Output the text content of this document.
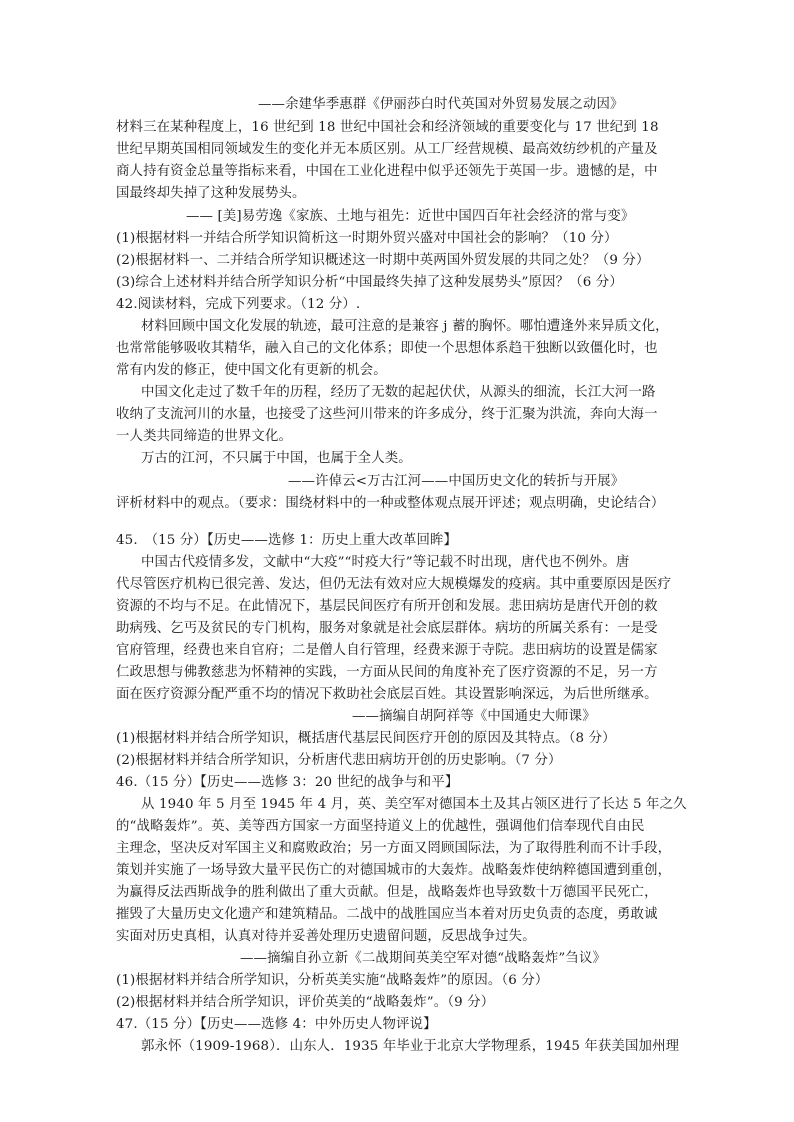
——余建华季惠群《伊丽莎白时代英国对外贸易发展之动因》
材料三在某种程度上，16 世纪到 18 世纪中国社会和经济领域的重要变化与 17 世纪到 18
世纪早期英国相同领域发生的变化并无本质区别。从工厂经营规模、最高效纺纱机的产量及
商人持有资金总量等指标来看，中国在工业化进程中似乎还领先于英国一步。遗憾的是，中
国最终却失掉了这种发展势头。
—— [美]易劳逸《家族、土地与祖先：近世中国四百年社会经济的常与变》
(1)根据材料一并结合所学知识简析这一时期外贸兴盛对中国社会的影响？（10 分）
(2)根据材料一、二并结合所学知识概述这一时期中英两国外贸发展的共同之处？（9 分）
(3)综合上述材料并结合所学知识分析“中国最终失掉了这种发展势头”原因？（6 分）
42.阅读材料，完成下列要求。（12 分）.
材料回顾中国文化发展的轨迹，最可注意的是兼容 j 蓄的胸怀。哪怕遭逢外来异质文化，
也常常能够吸收其精华，融入自己的文化体系；即使一个思想体系趋干独断以致僵化时，也
常有内发的修正，使中国文化有更新的机会。
中国文化走过了数千年的历程，经历了无数的起起伏伏，从源头的细流，长江大河一路
收纳了支流河川的水量，也接受了这些河川带来的许多成分，终于汇聚为洪流，奔向大海一
一人类共同缔造的世界文化。
万古的江河，不只属于中国，也属于全人类。
——许倬云<万古江河——中国历史文化的转折与开展》
评析材料中的观点。（要求：围绕材料中的一种或整体观点展开评述；观点明确，史论结合）
45.　（15 分）【历史——选修 1：历史上重大改革回眸】
中国古代疫情多发，文献中“大疫”“时疫大行”等记载不时出现，唐代也不例外。唐
代尽管医疗机构已很完善、发达，但仍无法有效对应大规模爆发的疫病。其中重要原因是医疗
资源的不均与不足。在此情况下，基层民间医疗有所开创和发展。悲田病坊是唐代开创的救
助病残、乞丐及贫民的专门机构，服务对象就是社会底层群体。病坊的所属关系有：一是受
官府管理，经费也来自官府；二是僧人自行管理，经费来源于寺院。悲田病坊的设置是儒家
仁政思想与佛教慈悲为怀精神的实践，一方面从民间的角度补充了医疗资源的不足，另一方
面在医疗资源分配严重不均的情况下救助社会底层百姓。其设置影响深远，为后世所继承。
——摘编自胡阿祥等《中国通史大师课》
(1)根据材料并结合所学知识，概括唐代基层民间医疗开创的原因及其特点。（8 分）
(2)根据材料并结合所学知识，分析唐代悲田病坊开创的历史影响。（7 分）
46.（15 分）【历史——选修 3：20 世纪的战争与和平】
从 1940 年 5 月至 1945 年 4 月，英、美空军对德国本土及其占领区进行了长达 5 年之久
的“战略轰炸”。英、美等西方国家一方面坚持道义上的优越性，强调他们信奉现代自由民
主理念，坚决反对军国主义和腐败政治；另一方面又罔顾国际法，为了取得胜利而不计手段，
策划并实施了一场导致大量平民伤亡的对德国城市的大轰炸。战略轰炸使纳粹德国遭到重创，
为赢得反法西斯战争的胜利做出了重大贡献。但是，战略轰炸也导致数十万德国平民死亡，
摧毁了大量历史文化遗产和建筑精品。二战中的战胜国应当本着对历史负责的态度，勇敢诚
实面对历史真相，认真对待并妥善处理历史遗留问题，反思战争过失。
——摘编自孙立新《二战期间英美空军对德“战略轰炸”刍议》
(1)根据材料并结合所学知识，分析英美实施“战略轰炸”的原因。（6 分）
(2)根据材料并结合所学知识，评价英美的“战略轰炸”。（9 分）
47.（15 分）【历史——选修 4：中外历史人物评说】
郭永怀（1909-1968）．山东人．1935 年毕业于北京大学物理系，1945 年获美国加州理
